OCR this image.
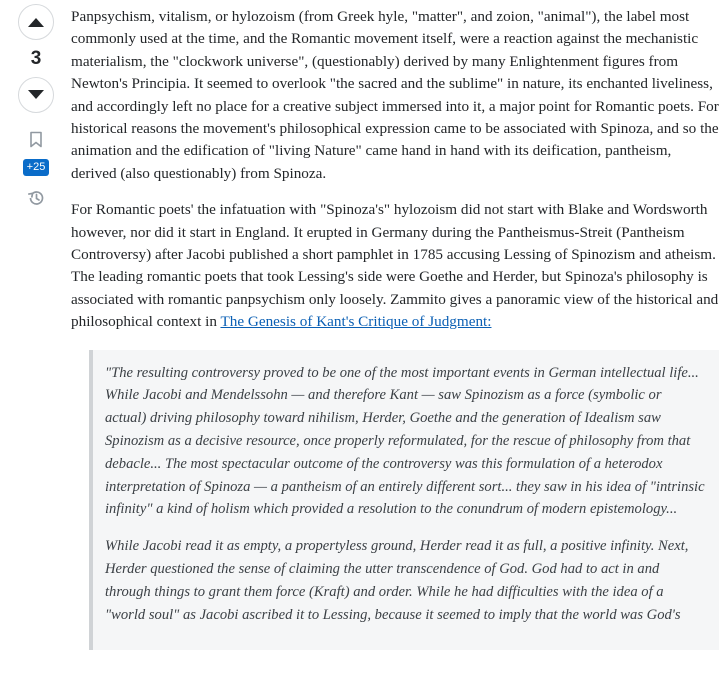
3
+25

Panpsychism, vitalism, or hylozoism (from Greek hyle, "matter", and zoion, "animal"), the label most commonly used at the time, and the Romantic movement itself, were a reaction against the mechanistic materialism, the "clockwork universe", (questionably) derived by many Enlightenment figures from Newton's Principia. It seemed to overlook "the sacred and the sublime" in nature, its enchanted liveliness, and accordingly left no place for a creative subject immersed into it, a major point for Romantic poets. For historical reasons the movement's philosophical expression came to be associated with Spinoza, and so the animation and the edification of "living Nature" came hand in hand with its deification, pantheism, derived (also questionably) from Spinoza.

For Romantic poets' the infatuation with "Spinoza's" hylozoism did not start with Blake and Wordsworth however, nor did it start in England. It erupted in Germany during the Pantheismus-Streit (Pantheism Controversy) after Jacobi published a short pamphlet in 1785 accusing Lessing of Spinozism and atheism. The leading romantic poets that took Lessing's side were Goethe and Herder, but Spinoza's philosophy is associated with romantic panpsychism only loosely. Zammito gives a panoramic view of the historical and philosophical context in The Genesis of Kant's Critique of Judgment:

"The resulting controversy proved to be one of the most important events in German intellectual life... While Jacobi and Mendelssohn — and therefore Kant — saw Spinozism as a force (symbolic or actual) driving philosophy toward nihilism, Herder, Goethe and the generation of Idealism saw Spinozism as a decisive resource, once properly reformulated, for the rescue of philosophy from that debacle... The most spectacular outcome of the controversy was this formulation of a heterodox interpretation of Spinoza — a pantheism of an entirely different sort... they saw in his idea of "intrinsic infinity" a kind of holism which provided a resolution to the conundrum of modern epistemology...

While Jacobi read it as empty, a propertyless ground, Herder read it as full, a positive infinity. Next, Herder questioned the sense of claiming the utter transcendence of God. God had to act in and through things to grant them force (Kraft) and order. While he had difficulties with the idea of a "world soul" as Jacobi ascribed it to Lessing, because it seemed to imply that the world was God's
